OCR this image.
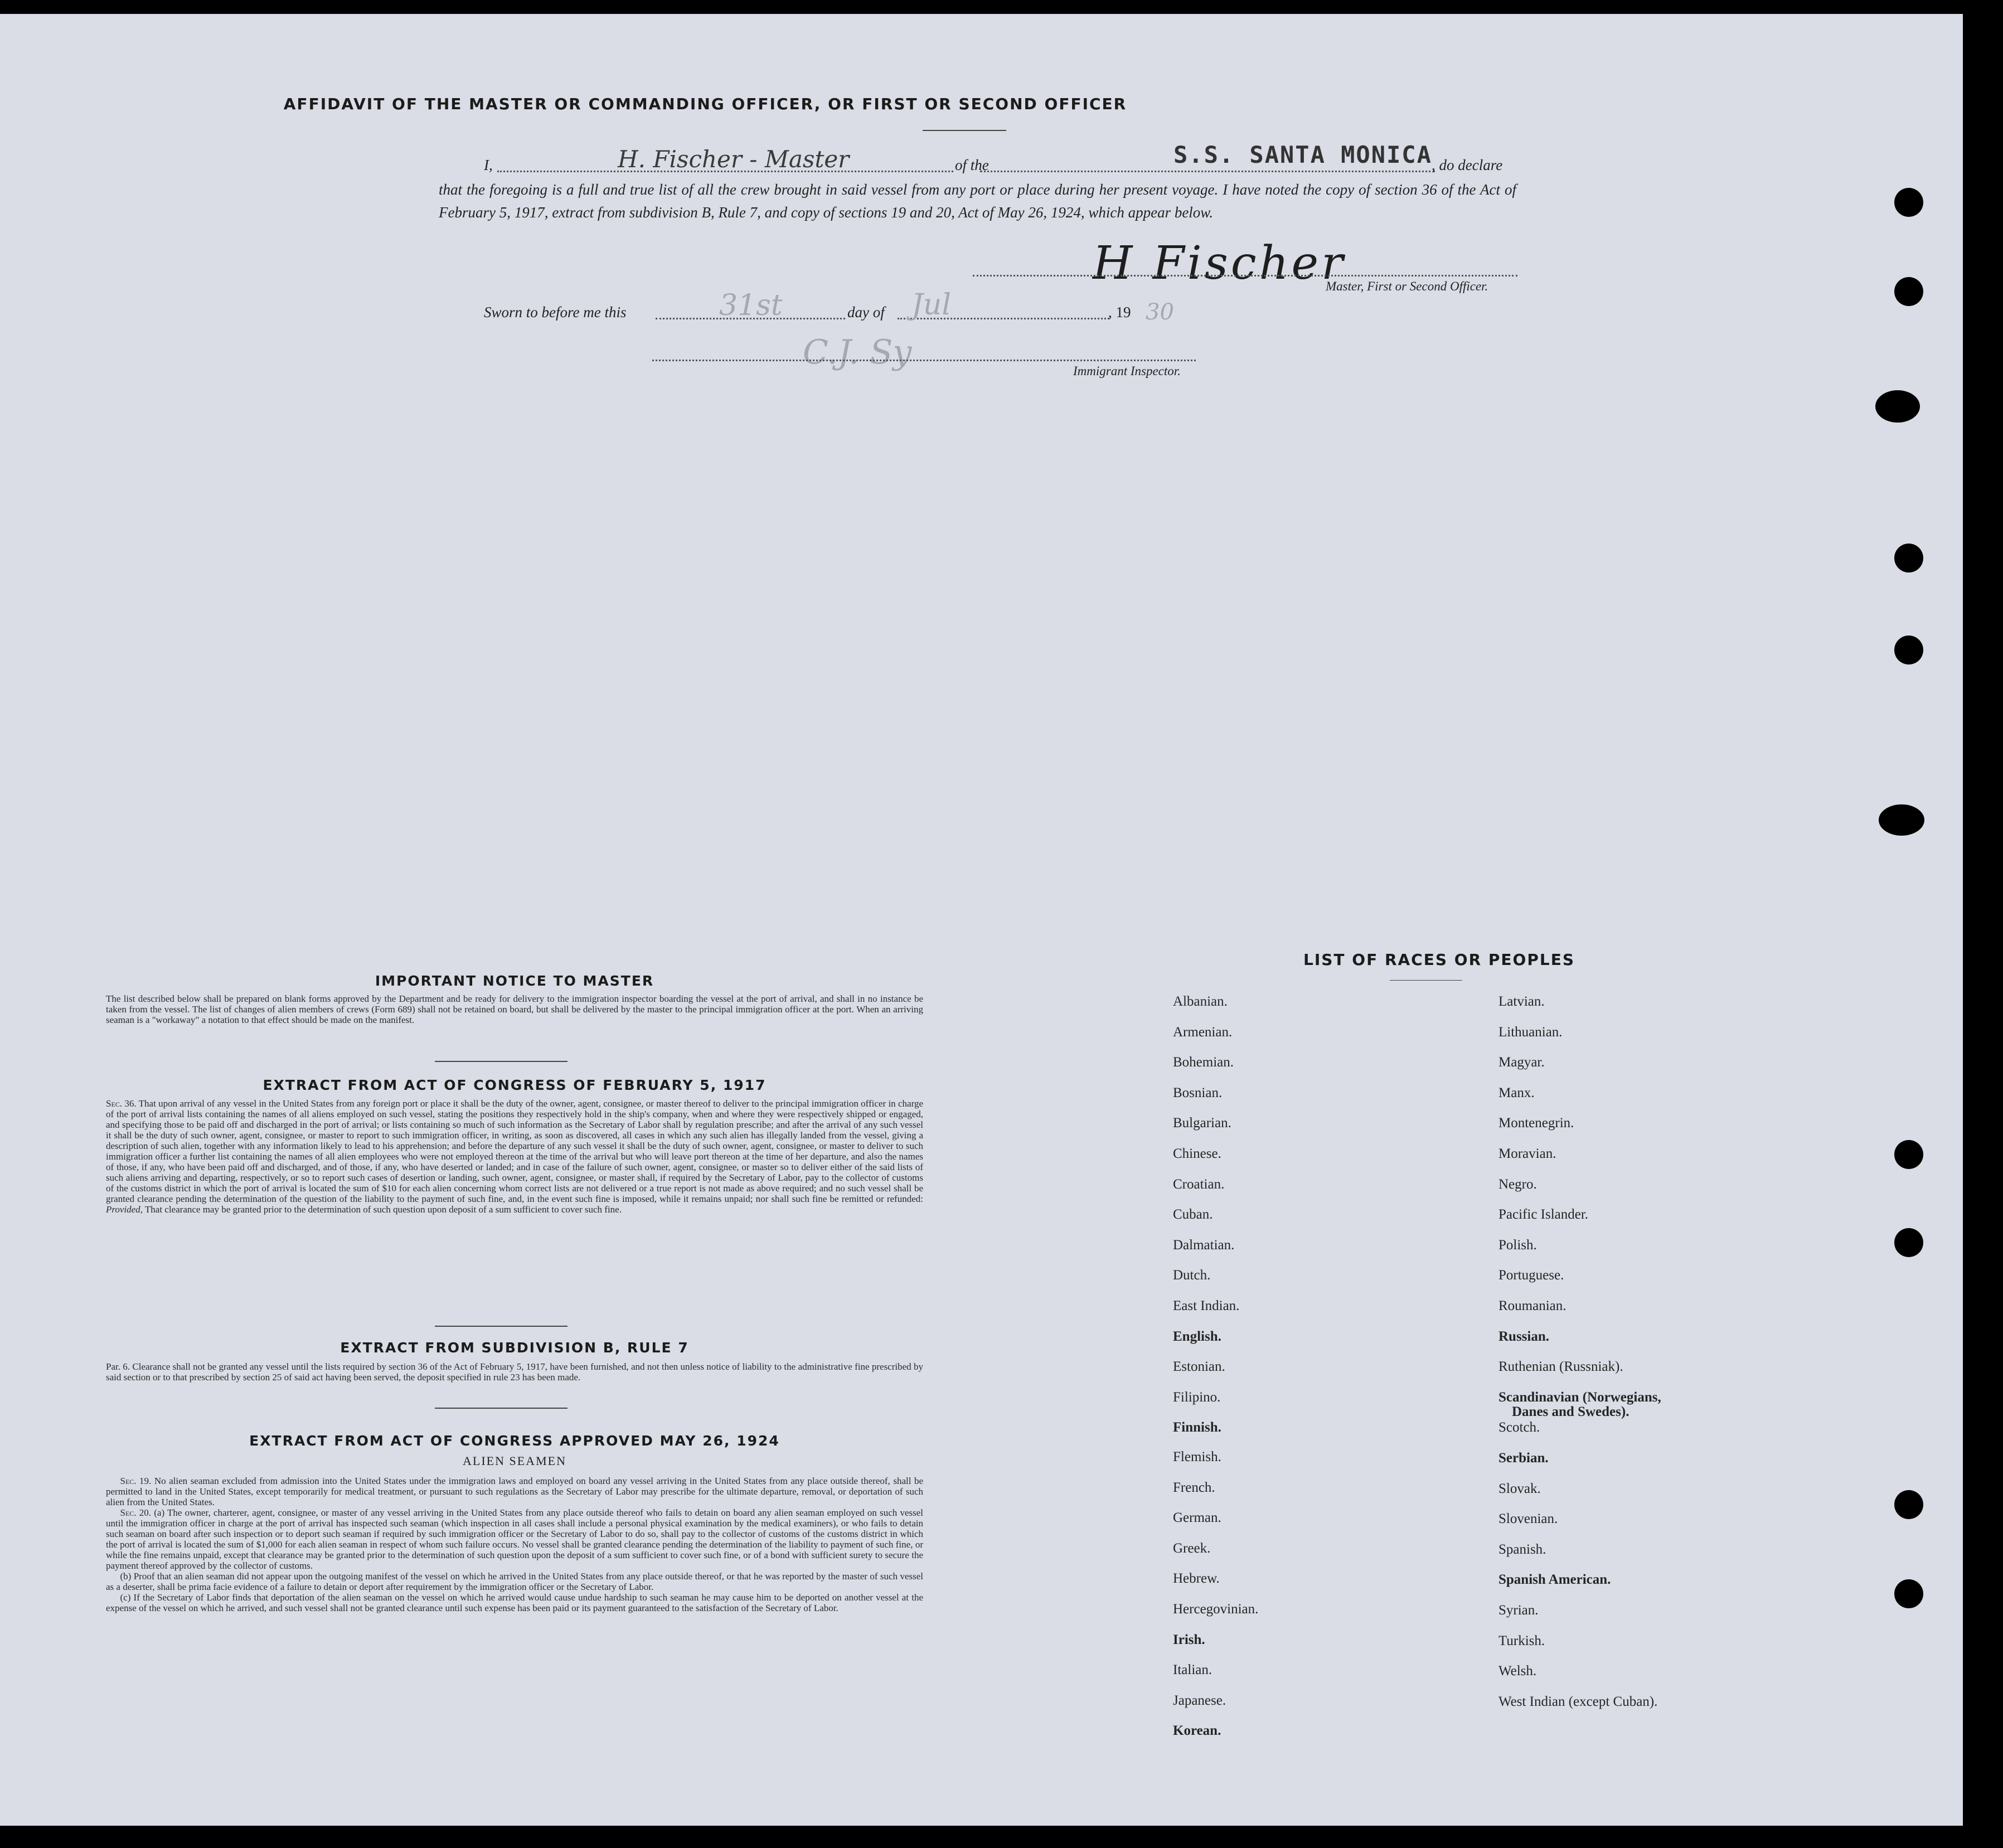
AFFIDAVIT OF THE MASTER OR COMMANDING OFFICER, OR FIRST OR SECOND OFFICER
I,	H. Fischer - Master	of the	S.S. SANTA MONICA , do declare

that the foregoing is a full and true list of all the crew brought in said vessel from any port or place during her present voyage. I have noted the copy of section 36 of the Act of February 5, 1917, extract from subdivision B, Rule 7, and copy of sections 19 and 20, Act of May 26, 1924, which appear below.

H Fischer
Master, First or Second Officer.
Sworn to before me this	31st	day of Jul	, 19 30
C.J. Sy	Immigrant Inspector.
IMPORTANT NOTICE TO MASTER

The list described below shall be prepared on blank forms approved by the Department and be ready for delivery to the immigration inspector boarding the vessel at the port of arrival, and shall in no instance be taken from the vessel. The list of changes of alien members of crews (Form 689) shall not be retained on board, but shall be delivered by the master to the principal immigration officer at the port. When an arriving seaman is a "workaway" a notation to that effect should be made on the manifest.

EXTRACT FROM ACT OF CONGRESS OF FEBRUARY 5, 1917

Sec. 36. That upon arrival of any vessel in the United States from any foreign port or place it shall be the duty of the owner, agent, consignee, or master thereof to deliver to the principal immigration officer in charge of the port of arrival lists containing the names of all aliens employed on such vessel, stating the positions they respectively hold in the ship's company, when and where they were respectively shipped or engaged, and specifying those to be paid off and discharged in the port of arrival; or lists containing so much of such information as the Secretary of Labor shall by regulation prescribe; and after the arrival of any such vessel it shall be the duty of such owner, agent, consignee, or master to report to such immigration officer, in writing, as soon as discovered, all cases in which any such alien has illegally landed from the vessel, giving a description of such alien, together with any information likely to lead to his apprehension; and before the departure of any such vessel it shall be the duty of such owner, agent, consignee, or master to deliver to such immigration officer a further list containing the names of all alien employees who were not employed thereon at the time of the arrival but who will leave port thereon at the time of her departure, and also the names of those, if any, who have been paid off and discharged, and of those, if any, who have deserted or landed; and in case of the failure of such owner, agent, consignee, or master so to deliver either of the said lists of such aliens arriving and departing, respectively, or so to report such cases of desertion or landing, such owner, agent, consignee, or master shall, if required by the Secretary of Labor, pay to the collector of customs of the customs district in which the port of arrival is located the sum of $10 for each alien concerning whom correct lists are not delivered or a true report is not made as above required; and no such vessel shall be granted clearance pending the determination of the question of the liability to the payment of such fine, and, in the event such fine is imposed, while it remains unpaid; nor shall such fine be remitted or refunded: Provided, That clearance may be granted prior to the determination of such question upon deposit of a sum sufficient to cover such fine.

EXTRACT FROM SUBDIVISION B, RULE 7

Par. 6. Clearance shall not be granted any vessel until the lists required by section 36 of the Act of February 5, 1917, have been furnished, and not then unless notice of liability to the administrative fine prescribed by said section or to that prescribed by section 25 of said act having been served, the deposit specified in rule 23 has been made.

EXTRACT FROM ACT OF CONGRESS APPROVED MAY 26, 1924
ALIEN SEAMEN
Sec. 19. No alien seaman excluded from admission into the United States under the immigration laws and employed on board any vessel arriving in the United States from any place outside thereof, shall be permitted to land in the United States, except temporarily for medical treatment, or pursuant to such regulations as the Secretary of Labor may prescribe for the ultimate departure, removal, or deportation of such alien from the United States.
Sec. 20. (a) The owner, charterer, agent, consignee, or master of any vessel arriving in the United States from any place outside thereof who fails to detain on board any alien seaman employed on such vessel until the immigration officer in charge at the port of arrival has inspected such seaman (which inspection in all cases shall include a personal physical examination by the medical examiners), or who fails to detain such seaman on board after such inspection or to deport such seaman if required by such immigration officer or the Secretary of Labor to do so, shall pay to the collector of customs of the customs district in which the port of arrival is located the sum of $1,000 for each alien seaman in respect of whom such failure occurs. No vessel shall be granted clearance pending the determination of the liability to payment of such fine, or while the fine remains unpaid, except that clearance may be granted prior to the determination of such question upon the deposit of a sum sufficient to cover such fine, or of a bond with sufficient surety to secure the payment thereof approved by the collector of customs.
(b) Proof that an alien seaman did not appear upon the outgoing manifest of the vessel on which he arrived in the United States from any place outside thereof, or that he was reported by the master of such vessel as a deserter, shall be prima facie evidence of a failure to detain or deport after requirement by the immigration officer or the Secretary of Labor.
(c) If the Secretary of Labor finds that deportation of the alien seaman on the vessel on which he arrived would cause undue hardship to such seaman he may cause him to be deported on another vessel at the expense of the vessel on which he arrived, and such vessel shall not be granted clearance until such expense has been paid or its payment guaranteed to the satisfaction of the Secretary of Labor.
LIST OF RACES OR PEOPLES
Albanian.
Armenian.
Bohemian.
Bosnian.
Bulgarian.
Chinese.
Croatian.
Cuban.
Dalmatian.
Dutch.
East Indian.
English.
Estonian.
Filipino.
Finnish.
Flemish.
French.
German.
Greek.
Hebrew.
Hercegovinian.
Irish.
Italian.
Japanese.
Korean.
Latvian.
Lithuanian.
Magyar.
Manx.
Montenegrin.
Moravian.
Negro.
Pacific Islander.
Polish.
Portuguese.
Roumanian.
Russian.
Ruthenian (Russniak).
Scandinavian (Norwegians,
Danes and Swedes).
Scotch.
Serbian.
Slovak.
Slovenian.
Spanish.
Spanish American.
Syrian.
Turkish.
Welsh.
West Indian (except Cuban).
